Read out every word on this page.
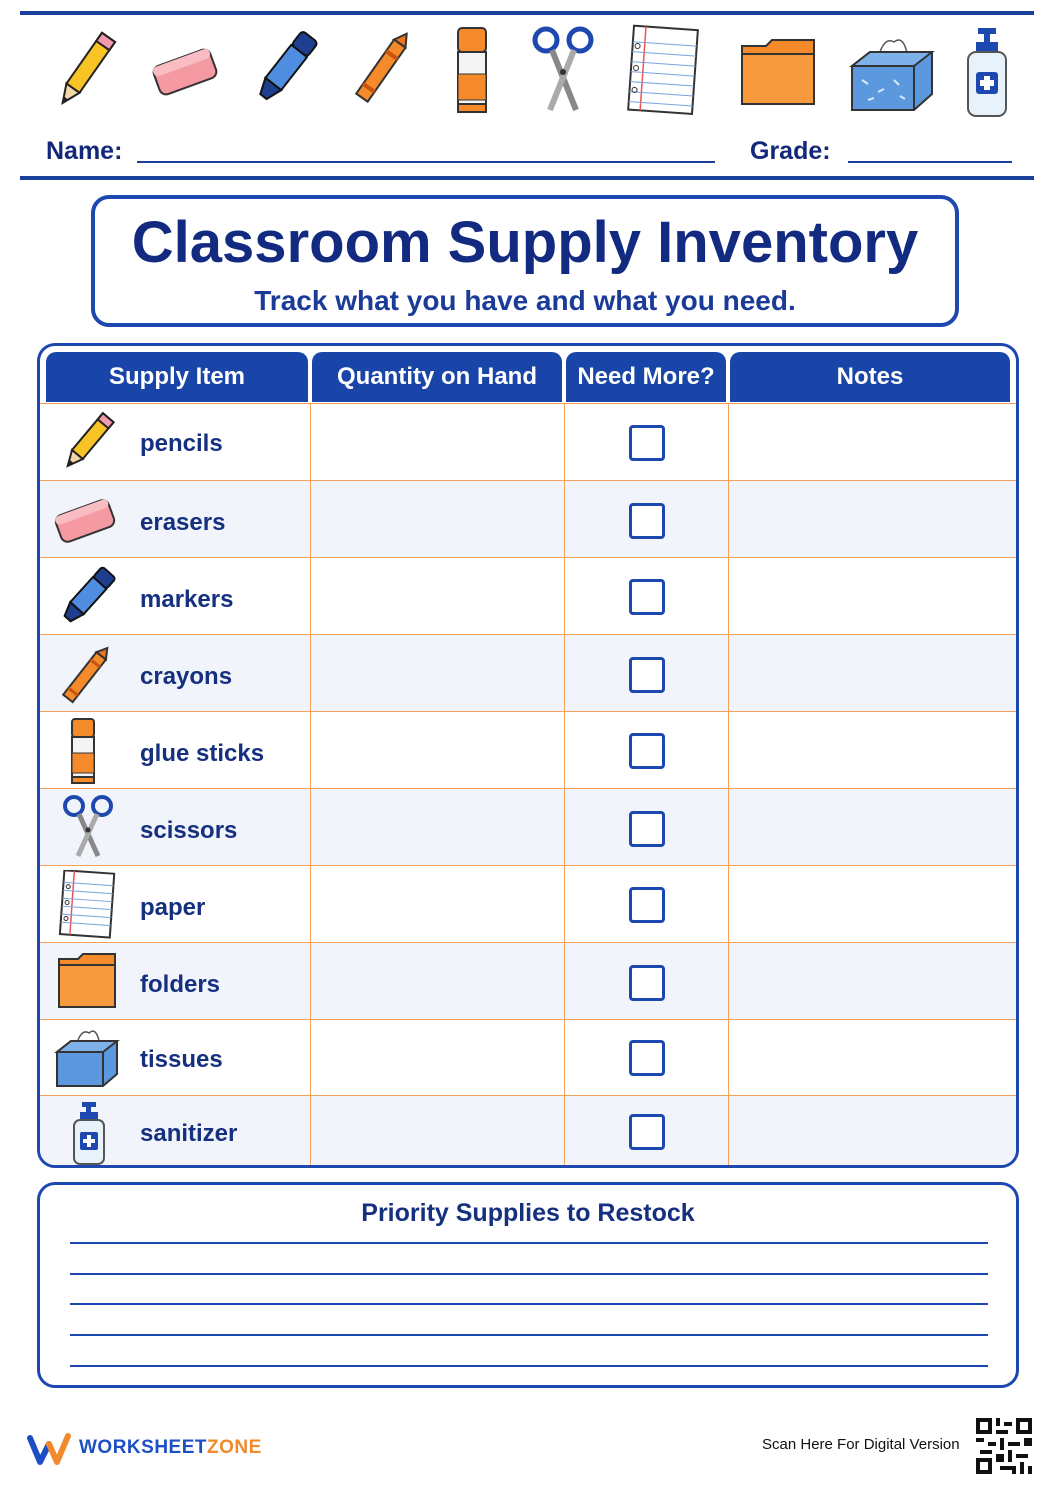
Name:	Grade:
Classroom Supply Inventory
Track what you have and what you need.
Supply Item	Quantity on Hand	Need More?	Notes
pencils
erasers
markers
crayons
glue sticks
scissors
paper
folders
tissues
sanitizer
Priority Supplies to Restock
WORKSHEETZONE	Scan Here For Digital Version
